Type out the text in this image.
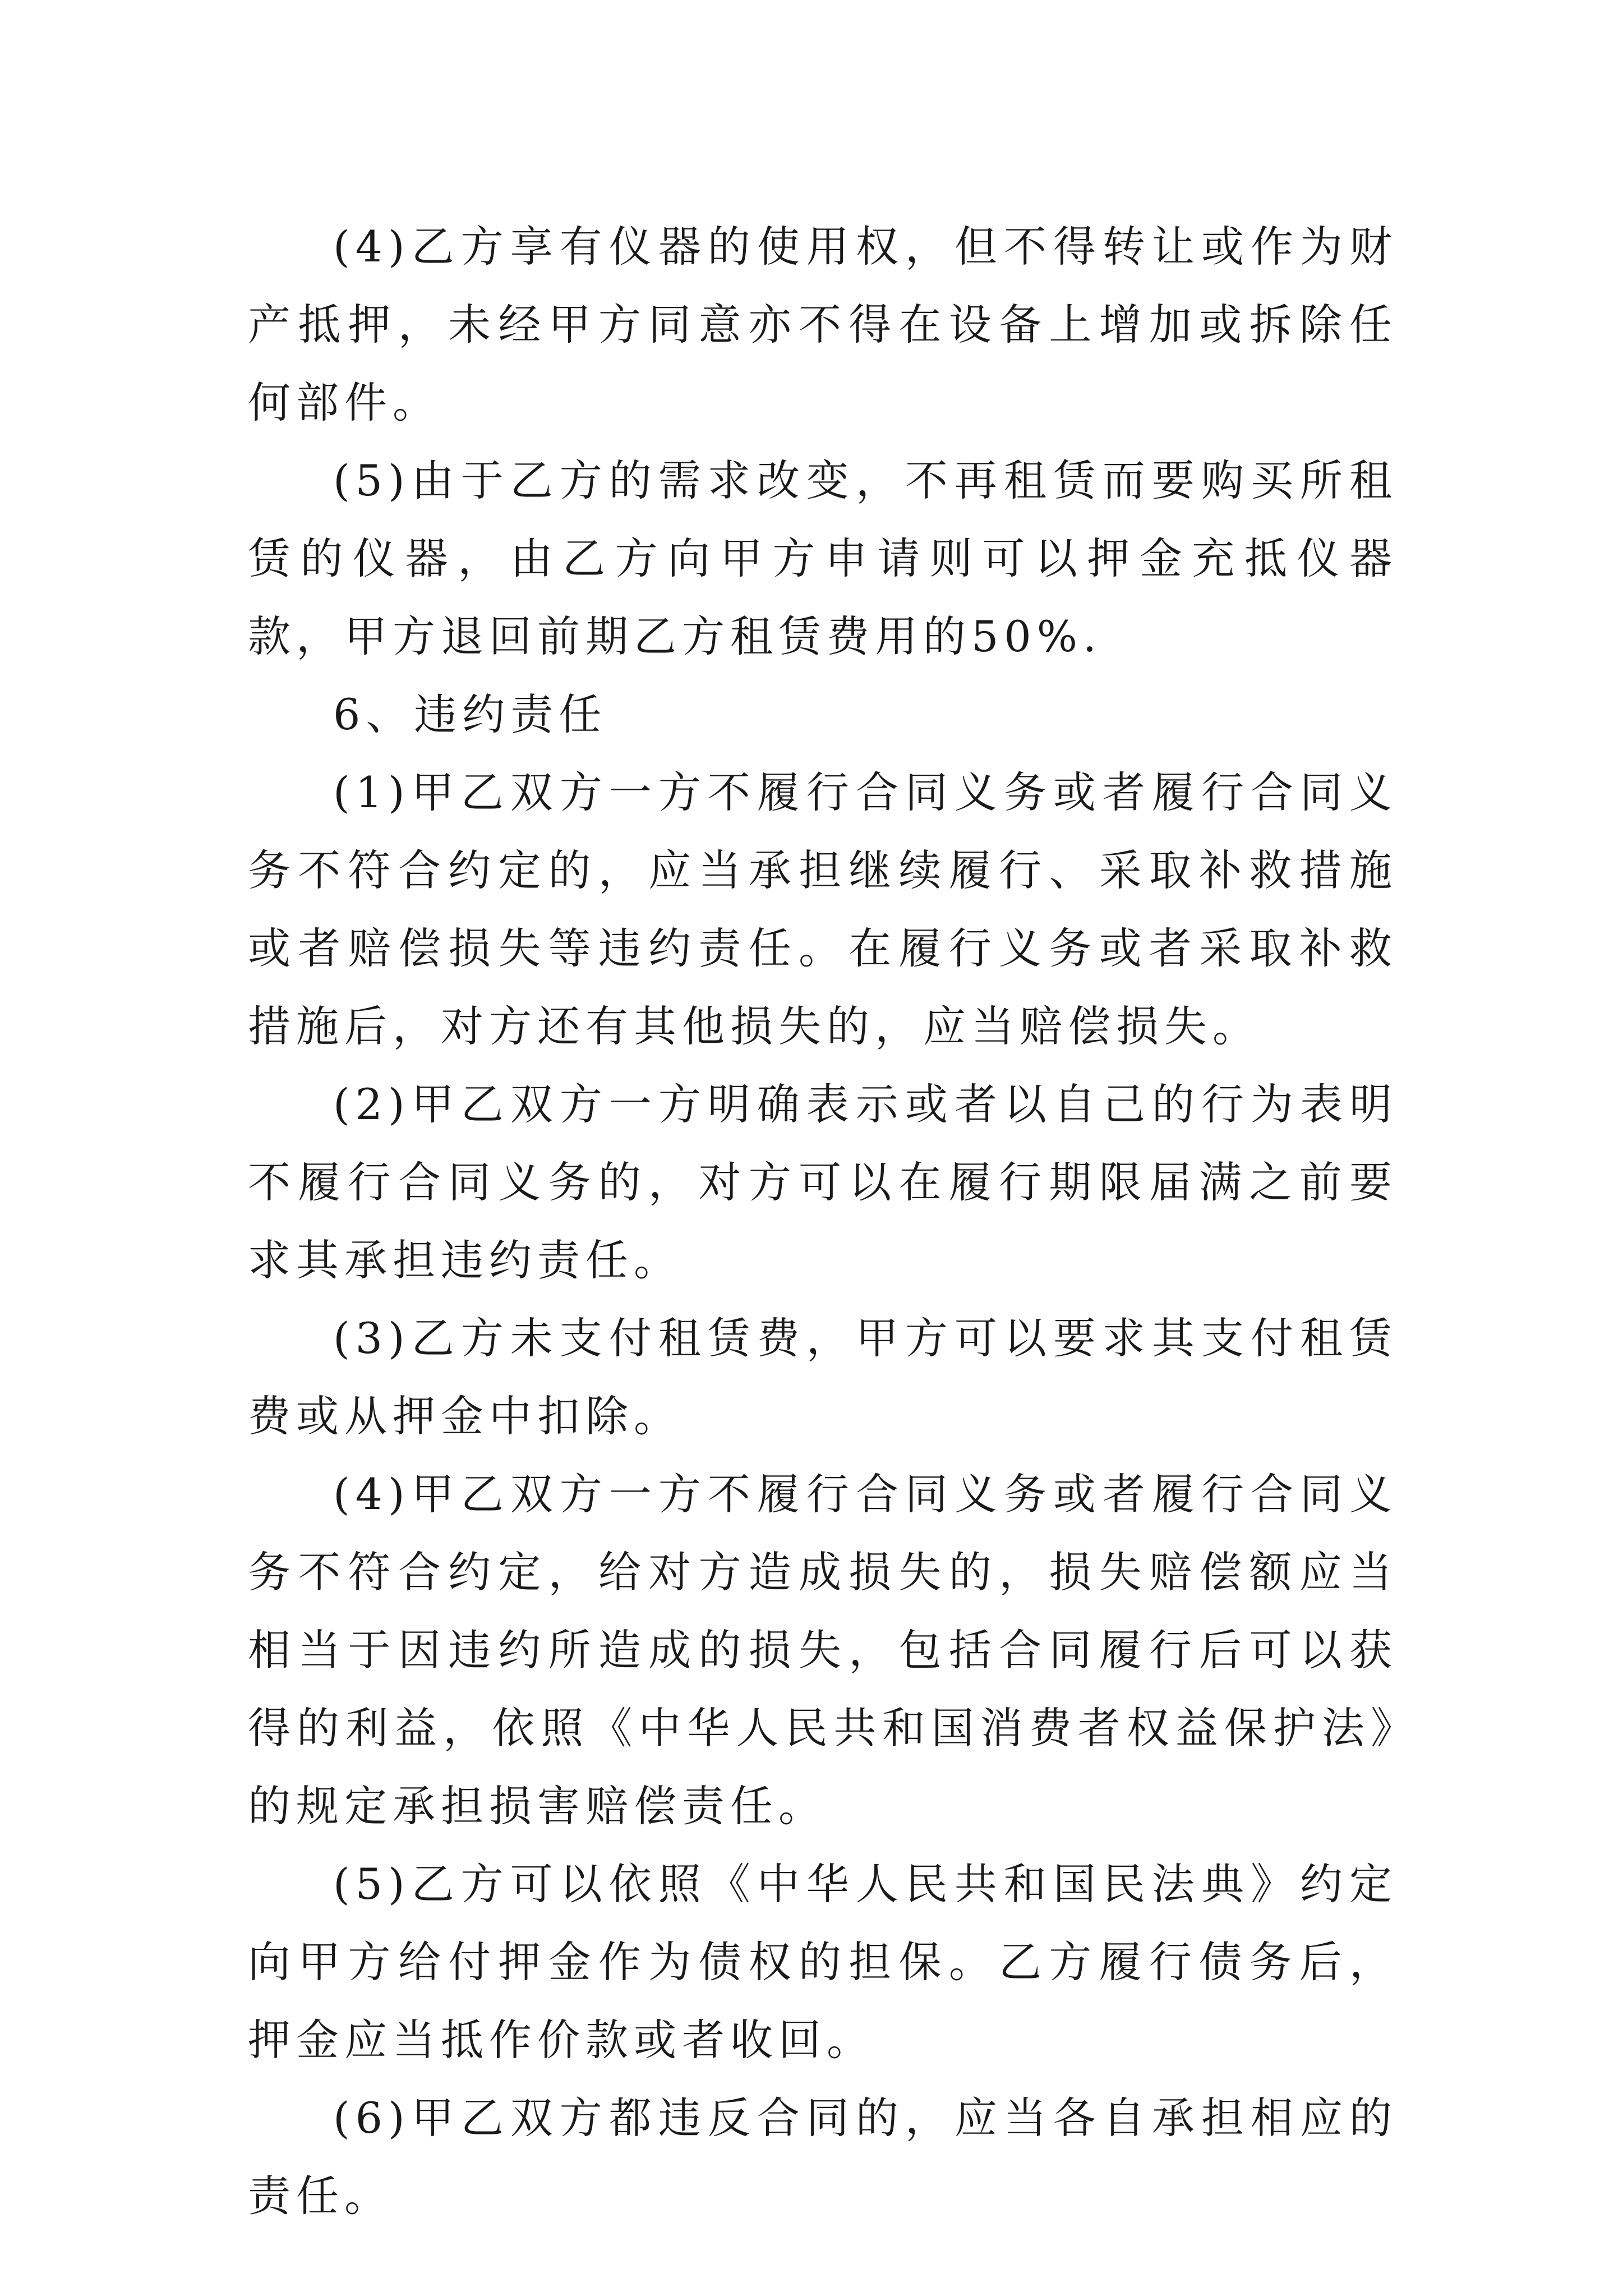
(4)乙方享有仪器的使用权，但不得转让或作为财产抵押，未经甲方同意亦不得在设备上增加或拆除任何部件。

(5)由于乙方的需求改变，不再租赁而要购买所租赁的仪器，由乙方向甲方申请则可以押金充抵仪器款，甲方退回前期乙方租赁费用的50%.

6、违约责任

(1)甲乙双方一方不履行合同义务或者履行合同义务不符合约定的，应当承担继续履行、采取补救措施或者赔偿损失等违约责任。在履行义务或者采取补救措施后，对方还有其他损失的，应当赔偿损失。

(2)甲乙双方一方明确表示或者以自己的行为表明不履行合同义务的，对方可以在履行期限届满之前要求其承担违约责任。

(3)乙方未支付租赁费，甲方可以要求其支付租赁费或从押金中扣除。

(4)甲乙双方一方不履行合同义务或者履行合同义务不符合约定，给对方造成损失的，损失赔偿额应当相当于因违约所造成的损失，包括合同履行后可以获得的利益，依照《中华人民共和国消费者权益保护法》的规定承担损害赔偿责任。

(5)乙方可以依照《中华人民共和国民法典》约定向甲方给付押金作为债权的担保。乙方履行债务后，押金应当抵作价款或者收回。

(6)甲乙双方都违反合同的，应当各自承担相应的责任。
